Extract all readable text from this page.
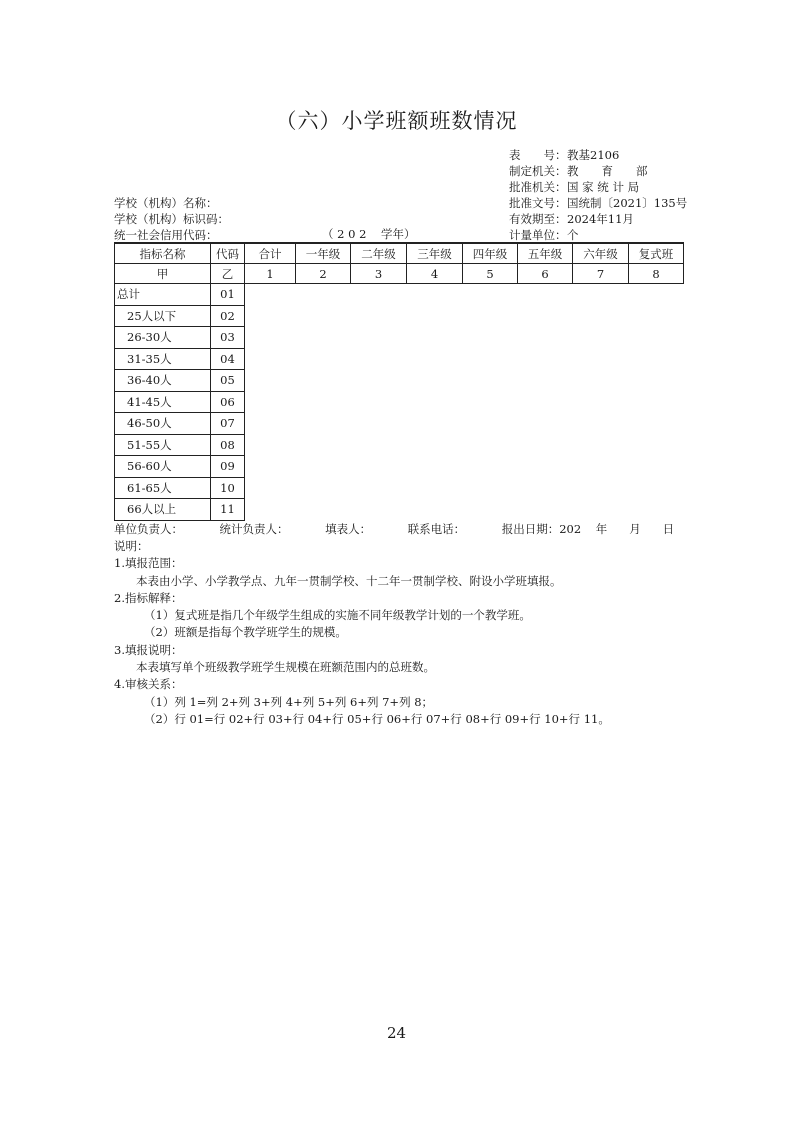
（六）小学班额班数情况
表　　号：教基2106
制定机关：教　　育　　部
批准机关：国 家 统 计 局
批准文号：国统制〔2021〕135号
有效期至：2024年11月
计量单位：个
学校（机构）名称：
学校（机构）标识码：
统一社会信用代码：	（ 2 0 2    学年）
指标名称	代码	合计	一年级	二年级	三年级	四年级	五年级	六年级	复式班
甲	乙	1	2	3	4	5	6	7	8
总计	01								
25人以下	02								
26-30人	03								
31-35人	04								
36-40人	05								
41-45人	06								
46-50人	07								
51-55人	08								
56-60人	09								
61-65人	10								
66人以上	11								
单位负责人：          统计负责人：          填表人：          联系电话：          报出日期：202    年      月      日
说明：
1.填报范围：
本表由小学、小学教学点、九年一贯制学校、十二年一贯制学校、附设小学班填报。
2.指标解释：
（1）复式班是指几个年级学生组成的实施不同年级教学计划的一个教学班。
（2）班额是指每个教学班学生的规模。
3.填报说明：
本表填写单个班级教学班学生规模在班额范围内的总班数。
4.审核关系：
（1）列 1=列 2+列 3+列 4+列 5+列 6+列 7+列 8；
（2）行 01=行 02+行 03+行 04+行 05+行 06+行 07+行 08+行 09+行 10+行 11。
24
